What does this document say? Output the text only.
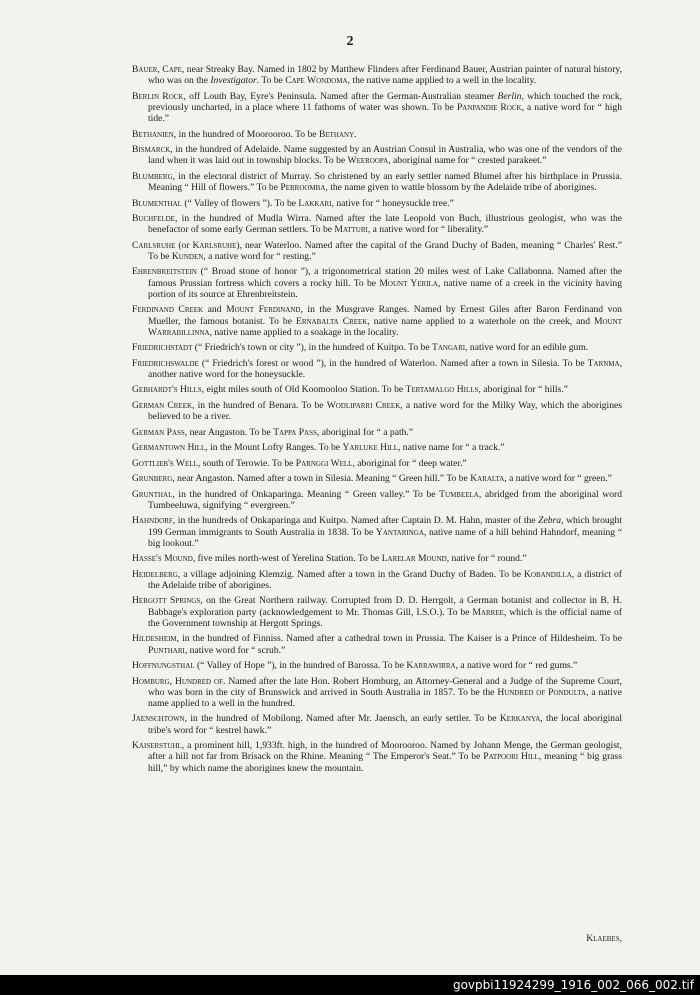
2
Bauer, Cape, near Streaky Bay. Named in 1802 by Matthew Flinders after Ferdinand Bauer, Austrian painter of natural history, who was on the Investigator. To be Cape Wondoma, the native name applied to a well in the locality.
Berlin Rock, off Louth Bay, Eyre's Peninsula. Named after the German-Australian steamer Berlin, which touched the rock, previously uncharted, in a place where 11 fathoms of water was shown. To be Panpandie Rock, a native word for “ high tide.”
Bethanien, in the hundred of Moorooroo. To be Bethany.
Bismarck, in the hundred of Adelaide. Name suggested by an Austrian Consul in Australia, who was one of the vendors of the land when it was laid out in township blocks. To be Weeroopa, aboriginal name for “ crested parakeet.”
Blumberg, in the electoral district of Murray. So christened by an early settler named Blumel after his birthplace in Prussia. Meaning “ Hill of flowers.” To be Perroomba, the name given to wattle blossom by the Adelaide tribe of aborigines.
Blumenthal (“ Valley of flowers ”). To be Lakkari, native for “ honeysuckle tree.”
Buchfelde, in the hundred of Mudla Wirra. Named after the late Leopold von Buch, illustrious geologist, who was the benefactor of some early German settlers. To be Matturi, a native word for “ liberality.”
Carlsruhe (or Karlsruhe), near Waterloo. Named after the capital of the Grand Duchy of Baden, meaning “ Charles' Rest.” To be Kunden, a native word for “ resting.”
Ehrenbreitstein (“ Broad stone of honor ”), a trigonometrical station 20 miles west of Lake Callabonna. Named after the famous Prussian fortress which covers a rocky hill. To be Mount Yerila, native name of a creek in the vicinity having portion of its source at Ehrenbreitstein.
Ferdinand Creek and Mount Ferdinand, in the Musgrave Ranges. Named by Ernest Giles after Baron Ferdinand von Mueller, the famous botanist. To be Ernabalta Creek, native name applied to a waterhole on the creek, and Mount Warrabillinna, native name applied to a soakage in the locality.
Friedrichstadt (“ Friedrich's town or city ”), in the hundred of Kuitpo. To be Tangari, native word for an edible gum.
Friedrichswalde (“ Friedrich's forest or wood ”), in the hundred of Waterloo. Named after a town in Silesia. To be Tarnma, another native word for the honeysuckle.
Gebhardt's Hills, eight miles south of Old Koomooloo Station. To be Tertamalgo Hills, aboriginal for “ hills.”
German Creek, in the hundred of Benara. To be Wodliparri Creek, a native word for the Milky Way, which the aborigines believed to be a river.
German Pass, near Angaston. To be Tappa Pass, aboriginal for “ a path.”
Germantown Hill, in the Mount Lofty Ranges. To be Yarluke Hill, native name for “ a track.”
Gottlieb's Well, south of Terowie. To be Parnggi Well, aboriginal for “ deep water.”
Grunberg, near Angaston. Named after a town in Silesia. Meaning “ Green hill.” To be Karalta, a native word for “ green.”
Grunthal, in the hundred of Onkaparinga. Meaning “ Green valley.” To be Tumbeela, abridged from the aboriginal word Tumbeeluwa, signifying “ evergreen.”
Hahndorf, in the hundreds of Onkaparinga and Kuitpo. Named after Captain D. M. Hahn, master of the Zebra, which brought 199 German immigrants to South Australia in 1838. To be Yantaringa, native name of a hill behind Hahndorf, meaning “ big lookout.”
Hasse's Mound, five miles north-west of Yerelina Station. To be Larelar Mound, native for “ round.”
Heidelberg, a village adjoining Klemzig. Named after a town in the Grand Duchy of Baden. To be Kobandilla, a district of the Adelaide tribe of aborigines.
Hergott Springs, on the Great Northern railway. Corrupted from D. D. Herrgolt, a German botanist and collector in B. H. Babbage's exploration party (acknowledgement to Mr. Thomas Gill, I.S.O.). To be Marree, which is the official name of the Government township at Hergott Springs.
Hildesheim, in the hundred of Finniss. Named after a cathedral town in Prussia. The Kaiser is a Prince of Hildesheim. To be Punthari, native word for “ scrub.”
Hoffnungsthal (“ Valley of Hope ”), in the hundred of Barossa. To be Karrawirra, a native word for “ red gums.”
Homburg, Hundred of. Named after the late Hon. Robert Homburg, an Attorney-General and a Judge of the Supreme Court, who was born in the city of Brunswick and arrived in South Australia in 1857. To be the Hundred of Pondulta, a native name applied to a well in the hundred.
Jaenschtown, in the hundred of Mobilong. Named after Mr. Jaensch, an early settler. To be Kerkanya, the local aboriginal tribe's word for “ kestrel hawk.”
Kaiserstuhl, a prominent hill, 1,933ft. high, in the hundred of Moorooroo. Named by Johann Menge, the German geologist, after a hill not far from Brisack on the Rhine. Meaning “ The Emperor's Seat.” To be Patpoori Hill, meaning “ big grass hill,” by which name the aborigines knew the mountain.
Klaebes,
govpbi11924299_1916_002_066_002.tif
